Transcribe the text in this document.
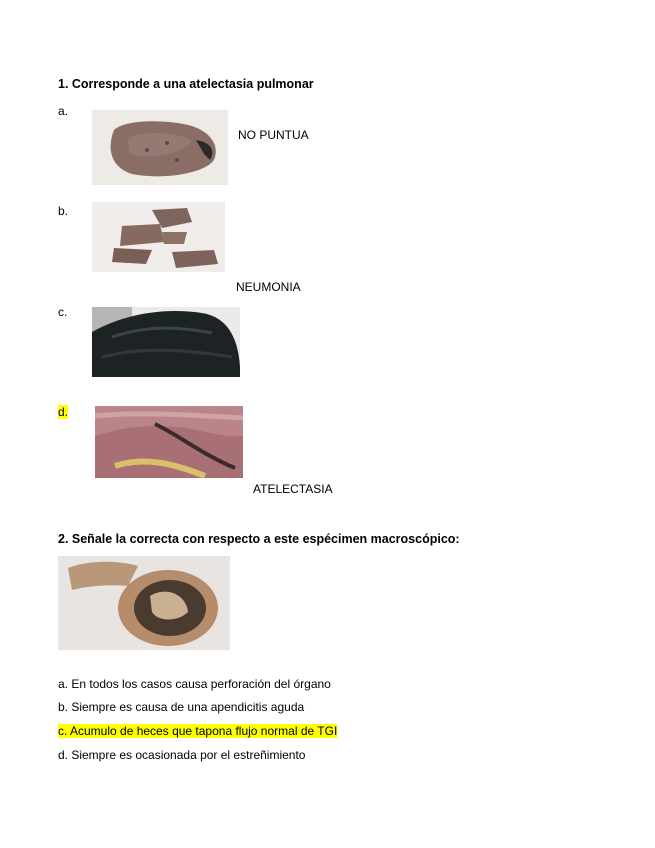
1. Corresponde a una atelectasia pulmonar
a.
NO PUNTUA
b.
NEUMONIA
c.
d.
ATELECTASIA
2. Señale la correcta con respecto a este espécimen macroscópico:
a. En todos los casos causa perforación del órgano
b. Siempre es causa de una apendicitis aguda
c. Acumulo de heces que tapona flujo normal de TGI
d. Siempre es ocasionada por el estreñimiento
